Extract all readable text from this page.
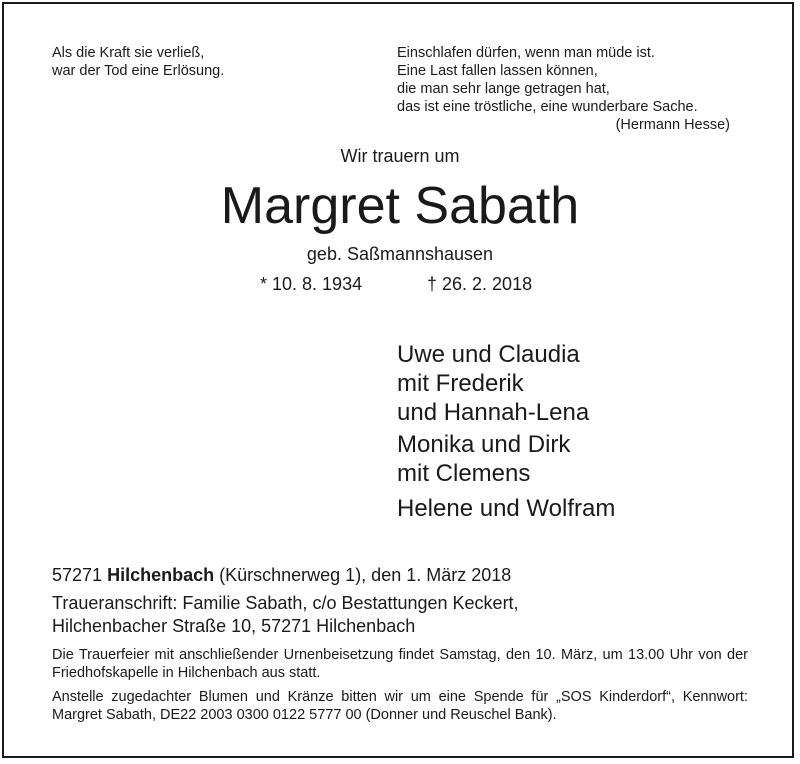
Als die Kraft sie verließ,
war der Tod eine Erlösung.
Einschlafen dürfen, wenn man müde ist.
Eine Last fallen lassen können,
die man sehr lange getragen hat,
das ist eine tröstliche, eine wunderbare Sache.
(Hermann Hesse)
Wir trauern um
Margret Sabath
geb. Saßmannshausen
* 10. 8. 1934	† 26. 2. 2018
Uwe und Claudia
mit Frederik
und Hannah-Lena
Monika und Dirk
mit Clemens
Helene und Wolfram
57271 Hilchenbach (Kürschnerweg 1), den 1. März 2018
Traueranschrift: Familie Sabath, c/o Bestattungen Keckert,
Hilchenbacher Straße 10, 57271 Hilchenbach
Die Trauerfeier mit anschließender Urnenbeisetzung findet Samstag, den 10. März, um 13.00 Uhr von der Friedhofskapelle in Hilchenbach aus statt.
Anstelle zugedachter Blumen und Kränze bitten wir um eine Spende für „SOS Kinderdorf“, Kennwort: Margret Sabath, DE22 2003 0300 0122 5777 00 (Donner und Reuschel Bank).
